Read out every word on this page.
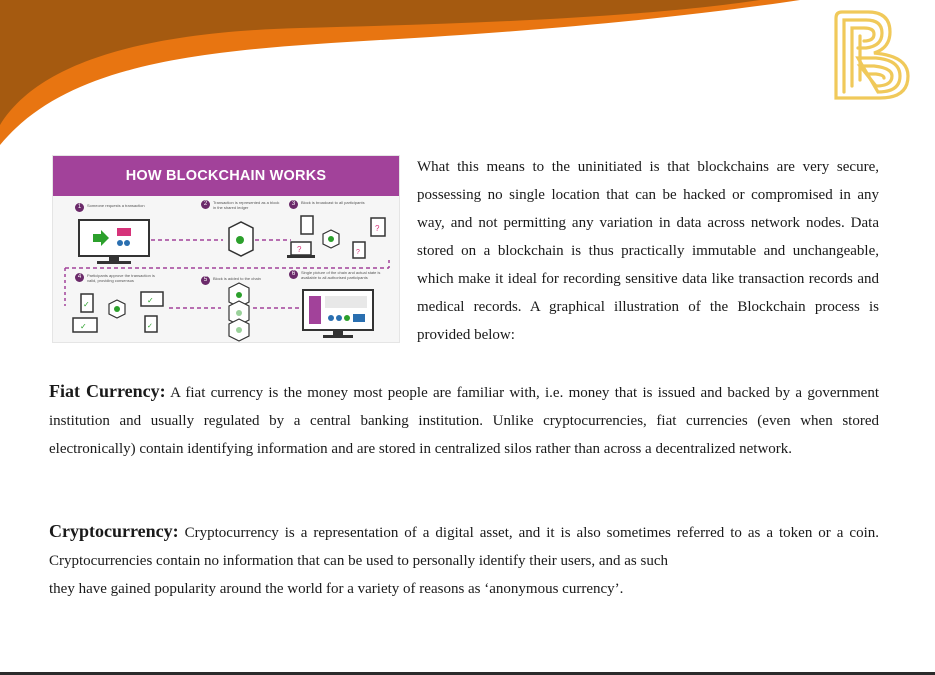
HOW BLOCKCHAIN WORKS
1	Someone requests a transaction	2	Transaction is represented as a block in the shared ledger
3	Block is broadcast to all participants
4	Participants approve the transaction is valid, providing consensus	5	Block is added to the chain
6	Single picture of the chain and actual state is available to all authorised participants
?
?	?
✓	✓
✓	✓

What this means to the uninitiated is that blockchains are very secure, possessing no single location that can be hacked or compromised in any way, and not permitting any variation in data across network nodes. Data stored on a blockchain is thus practically immutable and unchangeable, which make it ideal for recording sensitive data like transaction records and medical records. A graphical illustration of the Blockchain process is provided below:

Fiat Currency: A fiat currency is the money most people are familiar with, i.e. money that is issued and backed by a government institution and usually regulated by a central banking institution. Unlike cryptocurrencies, fiat currencies (even when stored electronically) contain identifying information and are stored in centralized silos rather than across a decentralized network.

Cryptocurrency: Cryptocurrency is a representation of a digital asset, and it is also sometimes referred to as a token or a coin. Cryptocurrencies contain no information that can be used to personally identify their users, and as such
they have gained popularity around the world for a variety of reasons as ‘anonymous currency’.
